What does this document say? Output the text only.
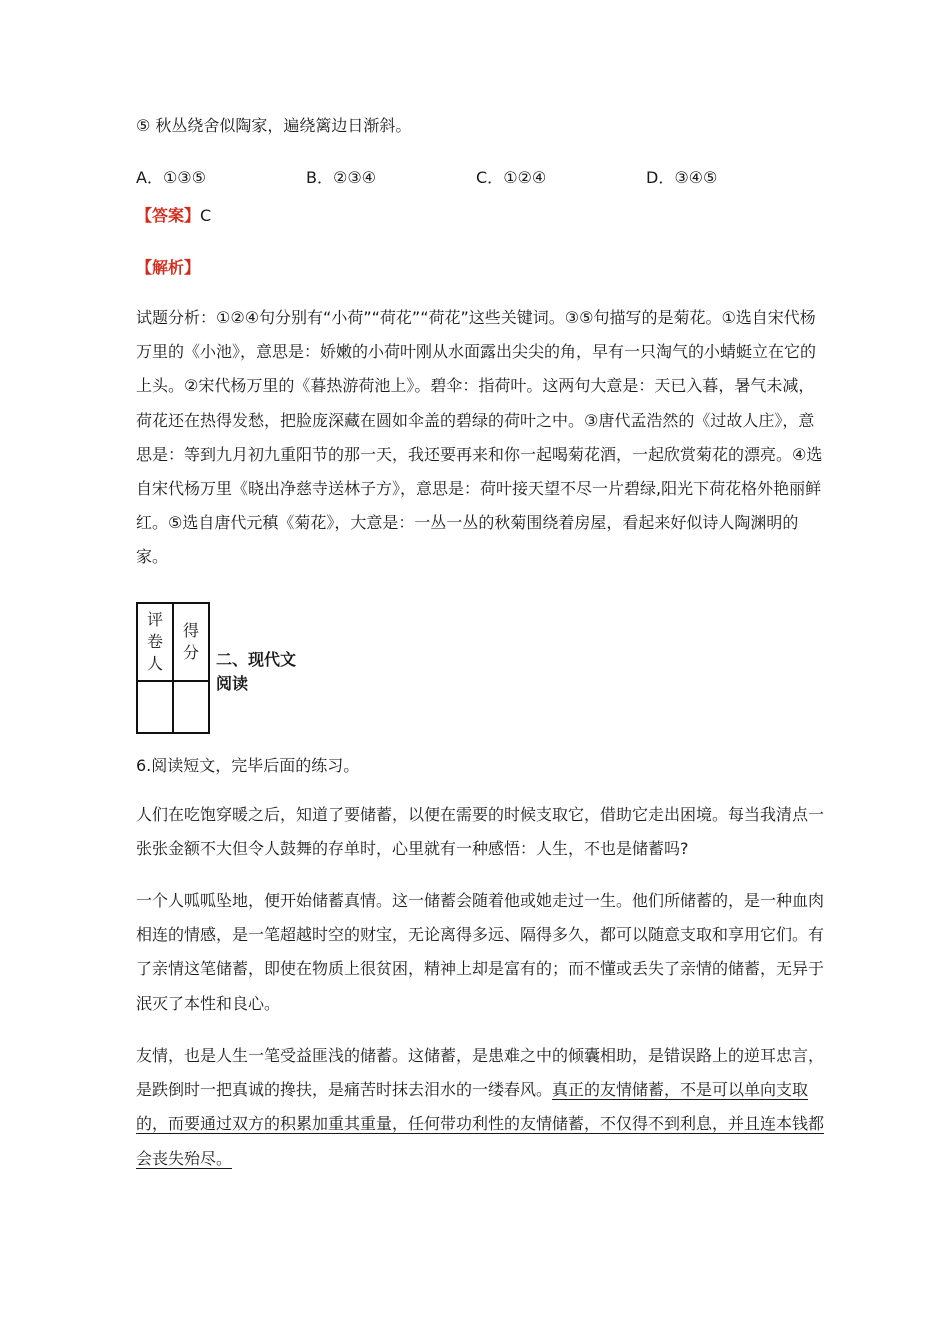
⑤ 秋丛绕舍似陶家，遍绕篱边日渐斜。
A．①③⑤	B．②③④	C．①②④	D．③④⑤
【答案】C
【解析】

试题分析：①②④句分别有“小荷”“荷花”“荷花”这些关键词。③⑤句描写的是菊花。①选自宋代杨万里的《小池》，意思是：娇嫩的小荷叶刚从水面露出尖尖的角，早有一只淘气的小蜻蜓立在它的上头。②宋代杨万里的《暮热游荷池上》。碧伞：指荷叶。这两句大意是：天已入暮，暑气未减，荷花还在热得发愁，把脸庞深藏在圆如伞盖的碧绿的荷叶之中。③唐代孟浩然的《过故人庄》，意思是：等到九月初九重阳节的那一天，我还要再来和你一起喝菊花酒，一起欣赏菊花的漂亮。④选自宋代杨万里《晓出净慈寺送林子方》，意思是：荷叶接天望不尽一片碧绿,阳光下荷花格外艳丽鲜红。⑤选自唐代元稹《菊花》，大意是：一丛一丛的秋菊围绕着房屋，看起来好似诗人陶渊明的家。

评卷人	得分
	二、现代文阅读
6.阅读短文，完毕后面的练习。

人们在吃饱穿暖之后，知道了要储蓄，以便在需要的时候支取它，借助它走出困境。每当我清点一张张金额不大但令人鼓舞的存单时，心里就有一种感悟：人生，不也是储蓄吗?

一个人呱呱坠地，便开始储蓄真情。这一储蓄会随着他或她走过一生。他们所储蓄的，是一种血肉相连的情感，是一笔超越时空的财宝，无论离得多远、隔得多久，都可以随意支取和享用它们。有了亲情这笔储蓄，即使在物质上很贫困，精神上却是富有的；而不懂或丢失了亲情的储蓄，无异于泯灭了本性和良心。

友情，也是人生一笔受益匪浅的储蓄。这储蓄，是患难之中的倾囊相助，是错误路上的逆耳忠言，是跌倒时一把真诚的搀扶，是痛苦时抹去泪水的一缕春风。真正的友情储蓄，不是可以单向支取的，而要通过双方的积累加重其重量，任何带功利性的友情储蓄，不仅得不到利息，并且连本钱都会丧失殆尽。
